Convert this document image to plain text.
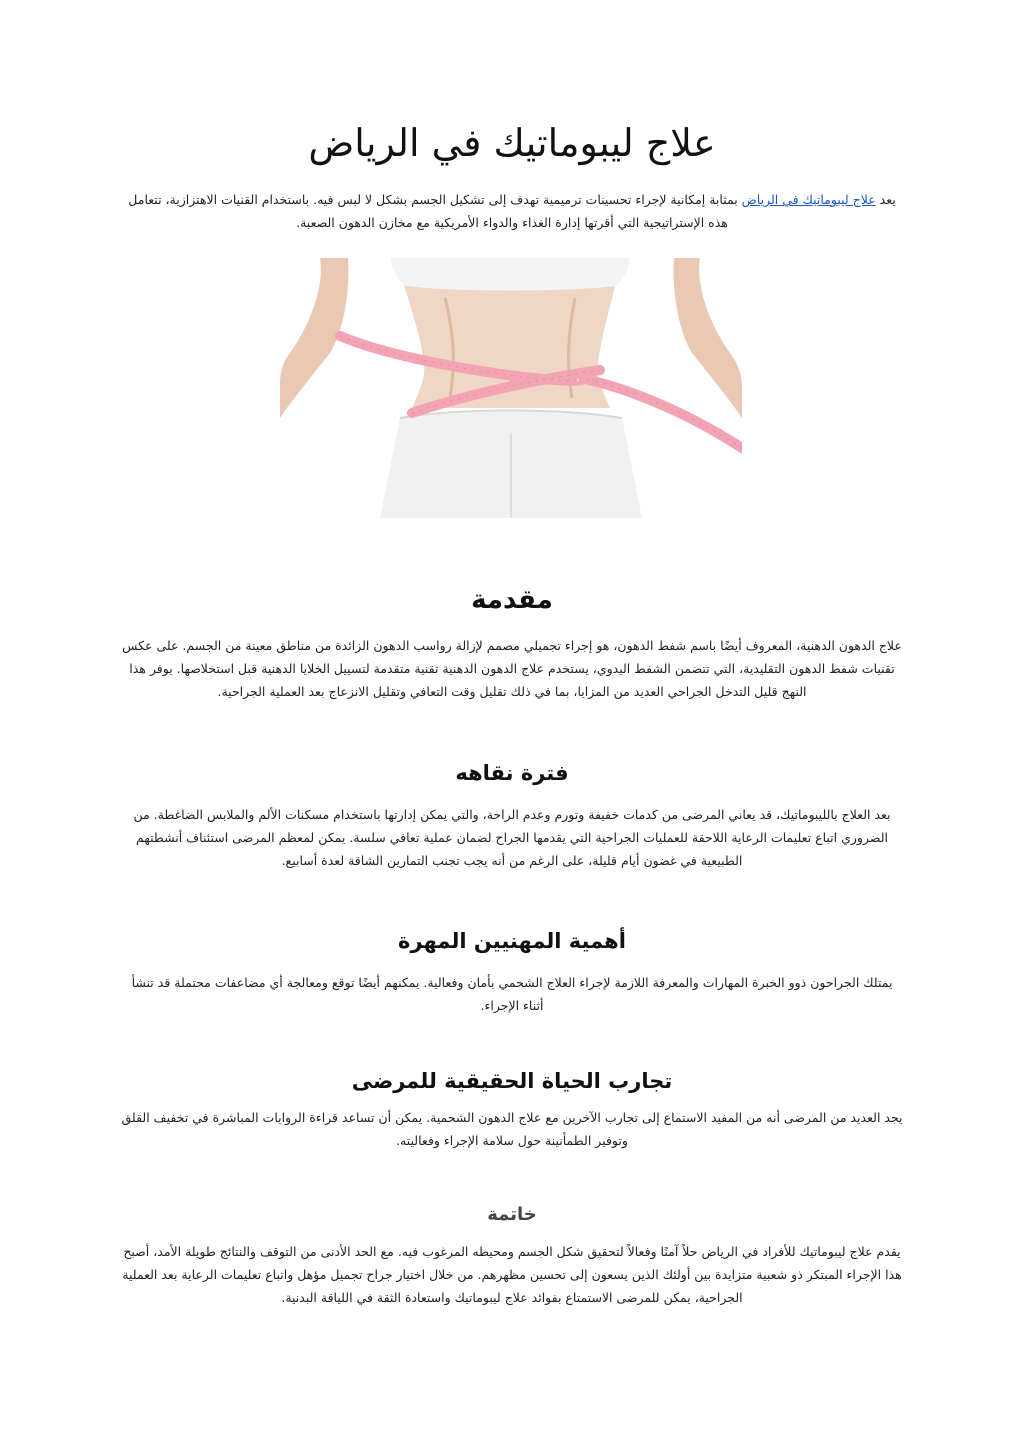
علاج ليبوماتيك في الرياض

يعد علاج ليبوماتيك في الرياض بمثابة إمكانية لإجراء تحسينات ترميمية تهدف إلى تشكيل الجسم بشكل لا لبس فيه. باستخدام القنيات الاهتزازية، تتعامل هذه الإستراتيجية التي أقرتها إدارة الغذاء والدواء الأمريكية مع مخازن الدهون الصعبة.

مقدمة

علاج الدهون الدهنية، المعروف أيضًا باسم شفط الدهون، هو إجراء تجميلي مصمم لإزالة رواسب الدهون الزائدة من مناطق معينة من الجسم. على عكس تقنيات شفط الدهون التقليدية، التي تتضمن الشفط اليدوي، يستخدم علاج الدهون الدهنية تقنية متقدمة لتسييل الخلايا الدهنية قبل استخلاصها. يوفر هذا النهج قليل التدخل الجراحي العديد من المزايا، بما في ذلك تقليل وقت التعافي وتقليل الانزعاج بعد العملية الجراحية.

فترة نقاهه

بعد العلاج بالليبوماتيك، قد يعاني المرضى من كدمات خفيفة وتورم وعدم الراحة، والتي يمكن إدارتها باستخدام مسكنات الألم والملابس الضاغطة. من الضروري اتباع تعليمات الرعاية اللاحقة للعمليات الجراحية التي يقدمها الجراح لضمان عملية تعافي سلسة. يمكن لمعظم المرضى استئناف أنشطتهم الطبيعية في غضون أيام قليلة، على الرغم من أنه يجب تجنب التمارين الشاقة لعدة أسابيع.

أهمية المهنيين المهرة

يمتلك الجراحون ذوو الخبرة المهارات والمعرفة اللازمة لإجراء العلاج الشحمي بأمان وفعالية. يمكنهم أيضًا توقع ومعالجة أي مضاعفات محتملة قد تنشأ أثناء الإجراء.

تجارب الحياة الحقيقية للمرضى

يجد العديد من المرضى أنه من المفيد الاستماع إلى تجارب الآخرين مع علاج الدهون الشحمية. يمكن أن تساعد قراءة الروايات المباشرة في تخفيف القلق وتوفير الطمأنينة حول سلامة الإجراء وفعاليته.

خاتمة

يقدم علاج ليبوماتيك للأفراد في الرياض حلاً آمنًا وفعالاً لتحقيق شكل الجسم ومحيطه المرغوب فيه. مع الحد الأدنى من التوقف والنتائج طويلة الأمد، أصبح هذا الإجراء المبتكر ذو شعبية متزايدة بين أولئك الذين يسعون إلى تحسين مظهرهم. من خلال اختيار جراح تجميل مؤهل واتباع تعليمات الرعاية بعد العملية الجراحية، يمكن للمرضى الاستمتاع بفوائد علاج ليبوماتيك واستعادة الثقة في اللياقة البدنية.
